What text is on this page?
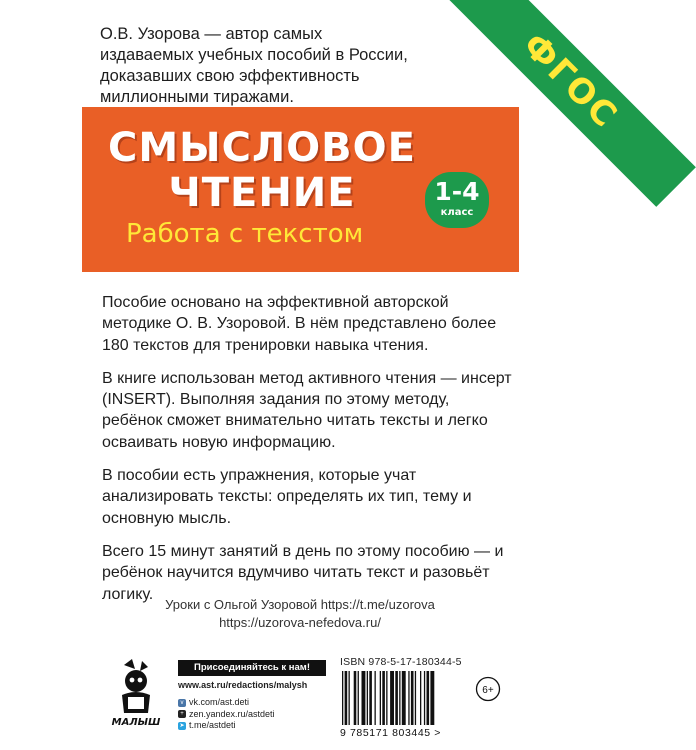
О.В. Узорова — автор самых издаваемых учебных пособий в России, доказавших свою эффективность миллионными тиражами.
СМЫСЛОВОЕ
ЧТЕНИЕ
Работа с текстом
1-4
класс
ФГОС

Пособие основано на эффективной авторской методике О. В. Узоровой. В нём представлено более 180 текстов для тренировки навыка чтения.

В книге использован метод активного чтения — инсерт (INSERT). Выполняя задания по этому методу, ребёнок сможет внимательно читать тексты и легко осваивать новую информацию.

В пособии есть упражнения, которые учат анализировать тексты: определять их тип, тему и основную мысль.

Всего 15 минут занятий в день по этому пособию — и ребёнок научится вдумчиво читать текст и разовьёт логику.

Уроки с Ольгой Узоровой https://t.me/uzorova
https://uzorova-nefedova.ru/
МАЛЫШ
Присоединяйтесь к нам!
www.ast.ru/redactions/malysh
v vk.com/ast.deti
+ zen.yandex.ru/astdeti
➤ t.me/astdeti
ISBN 978-5-17-180344-5
9 785171 803445 >
6+
